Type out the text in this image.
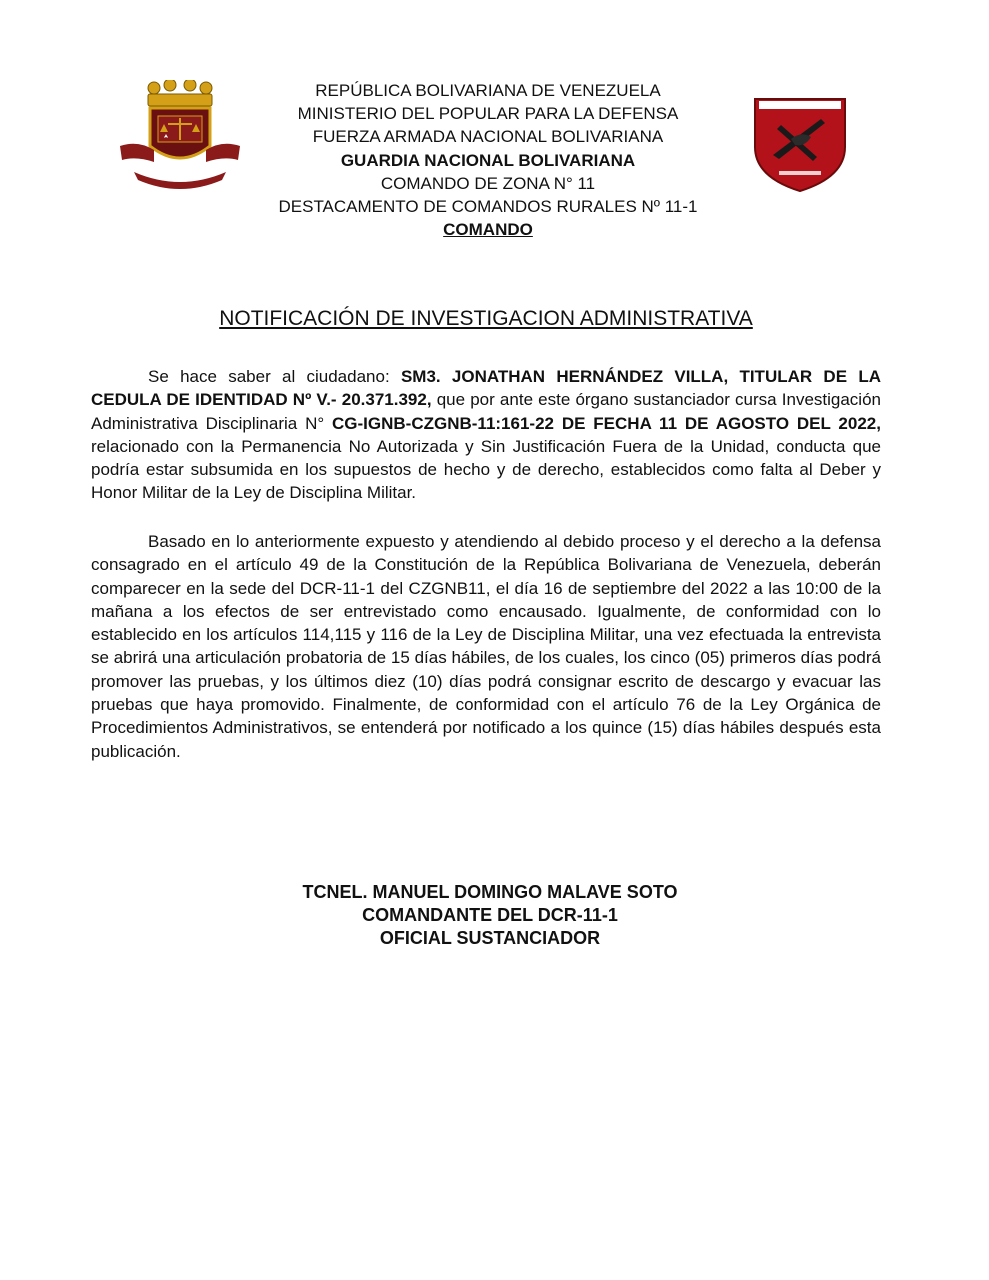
REPÚBLICA BOLIVARIANA DE VENEZUELA
MINISTERIO DEL POPULAR PARA LA DEFENSA
FUERZA ARMADA NACIONAL BOLIVARIANA
GUARDIA NACIONAL BOLIVARIANA
COMANDO DE ZONA N° 11
DESTACAMENTO DE COMANDOS RURALES Nº 11-1
COMANDO
NOTIFICACIÓN DE INVESTIGACION ADMINISTRATIVA

Se hace saber al ciudadano: SM3. JONATHAN HERNÁNDEZ VILLA, TITULAR DE LA CEDULA DE IDENTIDAD Nº V.- 20.371.392, que por ante este órgano sustanciador cursa Investigación Administrativa Disciplinaria N° CG-IGNB-CZGNB-11:161-22 DE FECHA 11 DE AGOSTO DEL 2022, relacionado con la Permanencia No Autorizada y Sin Justificación Fuera de la Unidad, conducta que podría estar subsumida en los supuestos de hecho y de derecho, establecidos como falta al Deber y Honor Militar de la Ley de Disciplina Militar.

Basado en lo anteriormente expuesto y atendiendo al debido proceso y el derecho a la defensa consagrado en el artículo 49 de la Constitución de la República Bolivariana de Venezuela, deberán comparecer en la sede del DCR-11-1 del CZGNB11, el día 16 de septiembre del 2022 a las 10:00 de la mañana a los efectos de ser entrevistado como encausado. Igualmente, de conformidad con lo establecido en los artículos 114,115 y 116 de la Ley de Disciplina Militar, una vez efectuada la entrevista se abrirá una articulación probatoria de 15 días hábiles, de los cuales, los cinco (05) primeros días podrá promover las pruebas, y los últimos diez (10) días podrá consignar escrito de descargo y evacuar las pruebas que haya promovido. Finalmente, de conformidad con el artículo 76 de la Ley Orgánica de Procedimientos Administrativos, se entenderá por notificado a los quince (15) días hábiles después esta publicación.

TCNEL. MANUEL DOMINGO MALAVE SOTO
COMANDANTE DEL DCR-11-1
OFICIAL SUSTANCIADOR
